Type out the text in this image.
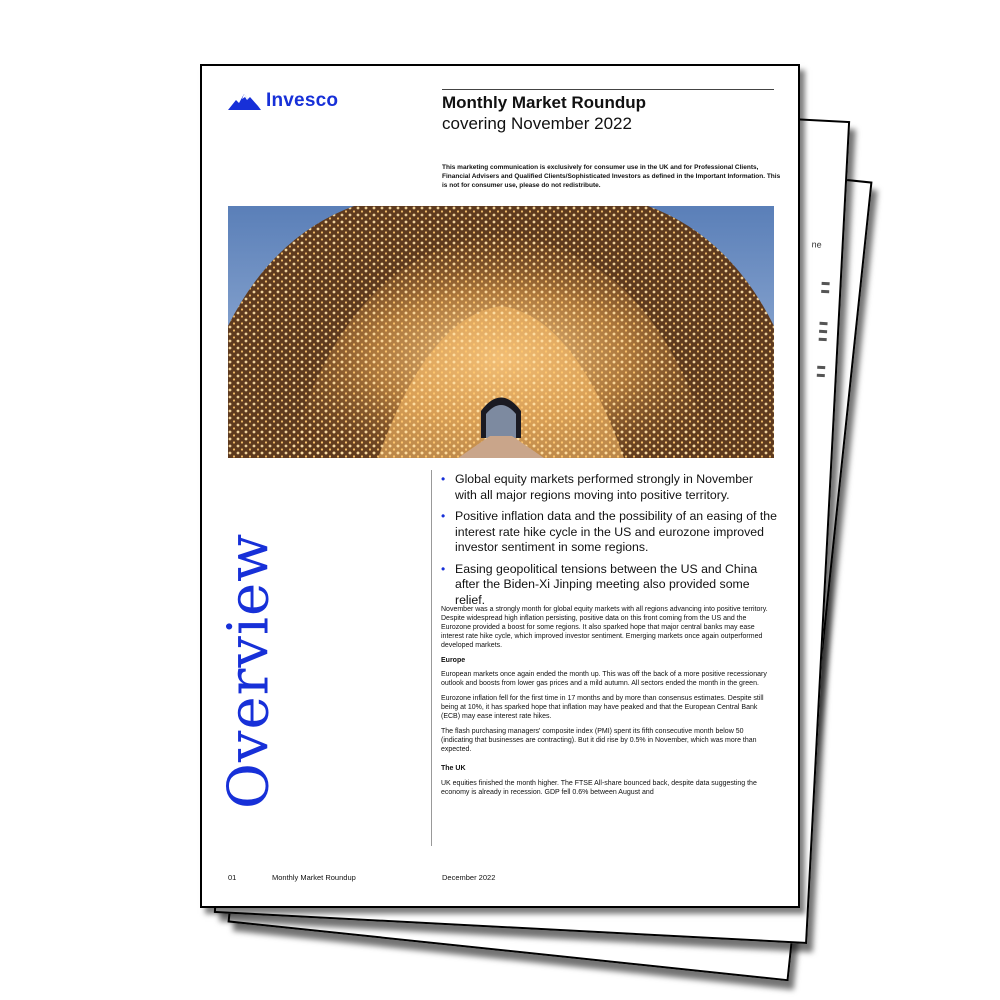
ne
Invesco	Monthly Market Roundup
covering November 2022
This marketing communication is exclusively for consumer use in the UK and for Professional Clients, Financial Advisers and Qualified Clients/Sophisticated Investors as defined in the Important Information. This is not for consumer use, please do not redistribute.
Overview
• Global equity markets performed strongly in November with all major regions moving into positive territory.
• Positive inflation data and the possibility of an easing of the interest rate hike cycle in the US and eurozone improved investor sentiment in some regions.
• Easing geopolitical tensions between the US and China after the Biden-Xi Jinping meeting also provided some relief.

November was a strongly month for global equity markets with all regions advancing into positive territory. Despite widespread high inflation persisting, positive data on this front coming from the US and the Eurozone provided a boost for some regions. It also sparked hope that major central banks may ease interest rate hike cycle, which improved investor sentiment. Emerging markets once again outperformed developed markets.

Europe

European markets once again ended the month up. This was off the back of a more positive recessionary outlook and boosts from lower gas prices and a mild autumn. All sectors ended the month in the green.

Eurozone inflation fell for the first time in 17 months and by more than consensus estimates. Despite still being at 10%, it has sparked hope that inflation may have peaked and that the European Central Bank (ECB) may ease interest rate hikes.

The flash purchasing managers' composite index (PMI) spent its fifth consecutive month below 50 (indicating that businesses are contracting). But it did rise by 0.5% in November, which was more than expected.

The UK

UK equities finished the month higher. The FTSE All-share bounced back, despite data suggesting the economy is already in recession. GDP fell 0.6% between August and

01	Monthly Market Roundup	December 2022
